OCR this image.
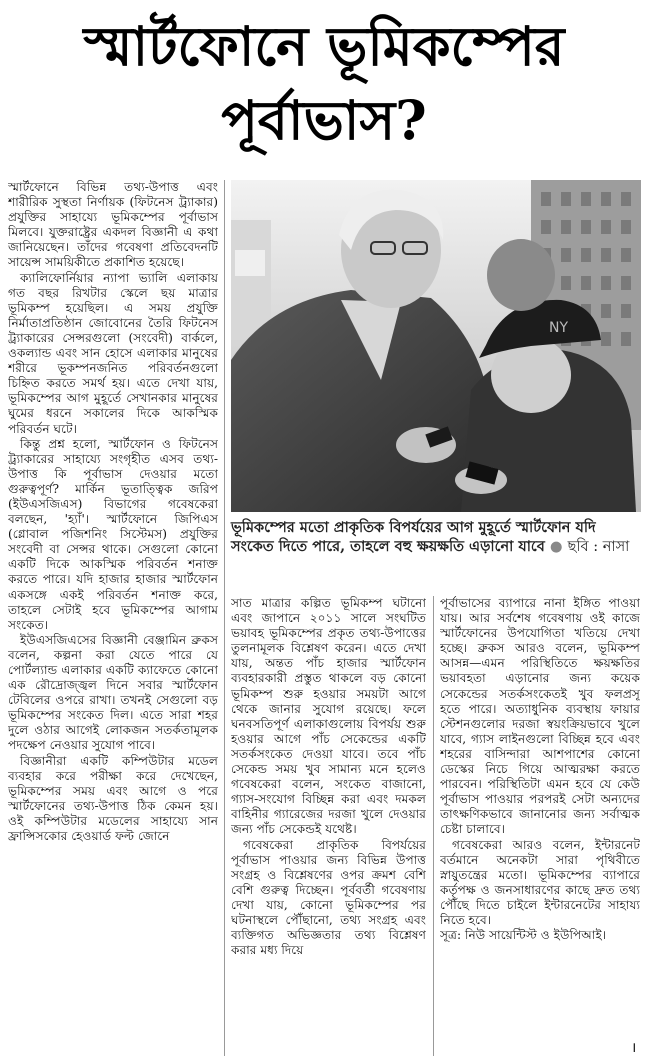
স্মার্টফোনে ভূমিকম্পের
পূর্বাভাস?

স্মার্টফোনে বিভিন্ন তথ্য-উপাত্ত এবং শারীরিক সুস্থতা নির্ণায়ক (ফিটনেস ট্র্যাকার) প্রযুক্তির সাহায্যে ভূমিকম্পের পূর্বাভাস মিলবে। যুক্তরাষ্ট্রের একদল বিজ্ঞানী এ কথা জানিয়েছেন। তাঁদের গবেষণা প্রতিবেদনটি সায়েন্স সাময়িকীতে প্রকাশিত হয়েছে।

ক্যালিফোর্নিয়ার ন্যাপা ভ্যালি এলাকায় গত বছর রিখটার স্কেলে ছয় মাত্রার ভূমিকম্প হয়েছিল। এ সময় প্রযুক্তি নির্মাতাপ্রতিষ্ঠান জোবোনের তৈরি ফিটনেস ট্র্যাকারের সেন্সরগুলো (সংবেদী) বার্কলে, ওকল্যান্ড এবং সান হোসে এলাকার মানুষের শরীরে ভূকম্পনজনিত পরিবর্তনগুলো চিহ্নিত করতে সমর্থ হয়। এতে দেখা যায়, ভূমিকম্পের আগ মুহূর্তে সেখানকার মানুষের ঘুমের ধরনে সকালের দিকে আকস্মিক পরিবর্তন ঘটে।

কিন্তু প্রশ্ন হলো, স্মার্টফোন ও ফিটনেস ট্র্যাকারের সাহায্যে সংগৃহীত এসব তথ্য-উপাত্ত কি পূর্বাভাস দেওয়ার মতো গুরুত্বপূর্ণ? মার্কিন ভূতাত্ত্বিক জরিপ (ইউএসজিএস) বিভাগের গবেষকেরা বলছেন, 'হ্যাঁ'। স্মার্টফোনে জিপিএস (গ্লোবাল পজিশনিং সিস্টেমস) প্রযুক্তির সংবেদী বা সেন্সর থাকে। সেগুলো কোনো একটি দিকে আকস্মিক পরিবর্তন শনাক্ত করতে পারে। যদি হাজার হাজার স্মার্টফোন একসঙ্গে একই পরিবর্তন শনাক্ত করে, তাহলে সেটাই হবে ভূমিকম্পের আগাম সংকেত।

ইউএসজিএসের বিজ্ঞানী বেঞ্জামিন ব্রুকস বলেন, কল্পনা করা যেতে পারে যে পোর্টল্যান্ড এলাকার একটি ক্যাফেতে কোনো এক রৌদ্রোজ্জ্বল দিনে সবার স্মার্টফোন টেবিলের ওপরে রাখা। তখনই সেগুলো বড় ভূমিকম্পের সংকেত দিল। এতে সারা শহর দুলে ওঠার আগেই লোকজন সতর্কতামূলক পদক্ষেপ নেওয়ার সুযোগ পাবে।

বিজ্ঞানীরা একটি কম্পিউটার মডেল ব্যবহার করে পরীক্ষা করে দেখেছেন, ভূমিকম্পের সময় এবং আগে ও পরে স্মার্টফোনের তথ্য-উপাত্ত ঠিক কেমন হয়। ওই কম্পিউটার মডেলের সাহায্যে সান ফ্রান্সিসকোর হেওয়ার্ড ফল্ট জোনে

NY
ভূমিকম্পের মতো প্রাকৃতিক বিপর্যয়ের আগ মুহূর্তে স্মার্টফোন যদি সংকেত দিতে পারে, তাহলে বহু ক্ষয়ক্ষতি এড়ানো যাবে ● ছবি : নাসা

সাত মাত্রার কল্পিত ভূমিকম্প ঘটানো এবং জাপানে ২০১১ সালে সংঘটিত ভয়াবহ ভূমিকম্পের প্রকৃত তথ্য-উপাত্তের তুলনামূলক বিশ্লেষণ করেন। এতে দেখা যায়, অন্তত পাঁচ হাজার স্মার্টফোন ব্যবহারকারী প্রস্তুত থাকলে বড় কোনো ভূমিকম্প শুরু হওয়ার সময়টা আগে থেকে জানার সুযোগ রয়েছে। ফলে ঘনবসতিপূর্ণ এলাকাগুলোয় বিপর্যয় শুরু হওয়ার আগে পাঁচ সেকেন্ডের একটি সতর্কসংকেত দেওয়া যাবে। তবে পাঁচ সেকেন্ড সময় খুব সামান্য মনে হলেও গবেষকেরা বলেন, সংকেত বাজানো, গ্যাস-সংযোগ বিচ্ছিন্ন করা এবং দমকল বাহিনীর গ্যারেজের দরজা খুলে দেওয়ার জন্য পাঁচ সেকেন্ডই যথেষ্ট।

গবেষকেরা প্রাকৃতিক বিপর্যয়ের পূর্বাভাস পাওয়ার জন্য বিভিন্ন উপাত্ত সংগ্রহ ও বিশ্লেষণের ওপর ক্রমশ বেশি বেশি গুরুত্ব দিচ্ছেন। পূর্ববর্তী গবেষণায় দেখা যায়, কোনো ভূমিকম্পের পর ঘটনাস্থলে পৌঁছানো, তথ্য সংগ্রহ এবং ব্যক্তিগত অভিজ্ঞতার তথ্য বিশ্লেষণ করার মধ্য দিয়ে

পূর্বাভাসের ব্যাপারে নানা ইঙ্গিত পাওয়া যায়। আর সর্বশেষ গবেষণায় ওই কাজে স্মার্টফোনের উপযোগিতা খতিয়ে দেখা হচ্ছে। ব্রুকস আরও বলেন, ভূমিকম্প আসন্ন—এমন পরিস্থিতিতে ক্ষয়ক্ষতির ভয়াবহতা এড়ানোর জন্য কয়েক সেকেন্ডের সতর্কসংকেতই খুব ফলপ্রসূ হতে পারে। অত্যাধুনিক ব্যবস্থায় ফায়ার স্টেশনগুলোর দরজা স্বয়ংক্রিয়ভাবে খুলে যাবে, গ্যাস লাইনগুলো বিচ্ছিন্ন হবে এবং শহরের বাসিন্দারা আশপাশের কোনো ডেস্কের নিচে গিয়ে আত্মরক্ষা করতে পারবেন। পরিস্থিতিটা এমন হবে যে কেউ পূর্বাভাস পাওয়ার পরপরই সেটা অন্যদের তাৎক্ষণিকভাবে জানানোর জন্য সর্বাত্মক চেষ্টা চালাবে।

গবেষকেরা আরও বলেন, ইন্টারনেট বর্তমানে অনেকটা সারা পৃথিবীতে স্নায়ুতন্ত্রের মতো। ভূমিকম্পের ব্যাপারে কর্তৃপক্ষ ও জনসাধারণের কাছে দ্রুত তথ্য পৌঁছে দিতে চাইলে ইন্টারনেটের সাহায্য নিতে হবে।

সূত্র: নিউ সায়েন্টিস্ট ও ইউপিআই।

।
